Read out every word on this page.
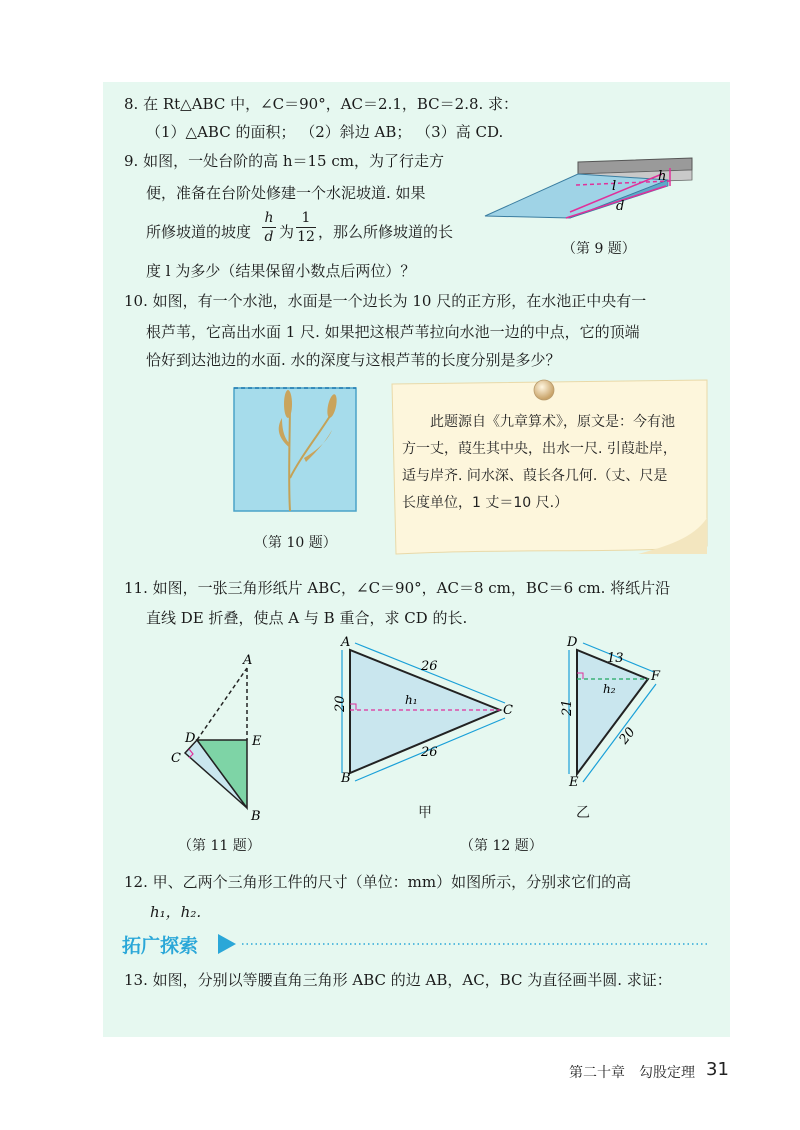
8. 在 Rt△ABC 中，∠C＝90°，AC＝2.1，BC＝2.8. 求：
（1）△ABC 的面积； （2）斜边 AB； （3）高 CD.
9. 如图，一处台阶的高 h＝15 cm，为了行走方
便，准备在台阶处修建一个水泥坡道. 如果
所修坡道的坡度
h
d 为
1
12 ，那么所修坡道的长
度 l 为多少（结果保留小数点后两位）？
h
l
d
（第 9 题）
10. 如图，有一个水池，水面是一个边长为 10 尺的正方形，在水池正中央有一
根芦苇，它高出水面 1 尺. 如果把这根芦苇拉向水池一边的中点，它的顶端
恰好到达池边的水面. 水的深度与这根芦苇的长度分别是多少？
（第 10 题）
此题源自《九章算术》，原文是：今有池
方一丈，葭生其中央，出水一尺. 引葭赴岸，
适与岸齐. 问水深、葭长各几何.（丈、尺是
长度单位，1 丈＝10 尺.）
11. 如图，一张三角形纸片 ABC，∠C＝90°，AC＝8 cm，BC＝6 cm. 将纸片沿
直线 DE 折叠，使点 A 与 B 重合，求 CD 的长.
A
B
C
D	E
（第 11 题）
26
26
20	h₁
A
B
C
甲
13
20
21
h₂
D
E
F
乙
（第 12 题）
12. 甲、乙两个三角形工件的尺寸（单位：mm）如图所示，分别求它们的高
h₁，h₂.
拓广探索
13. 如图，分别以等腰直角三角形 ABC 的边 AB，AC，BC 为直径画半圆. 求证：
第二十章　勾股定理 31
